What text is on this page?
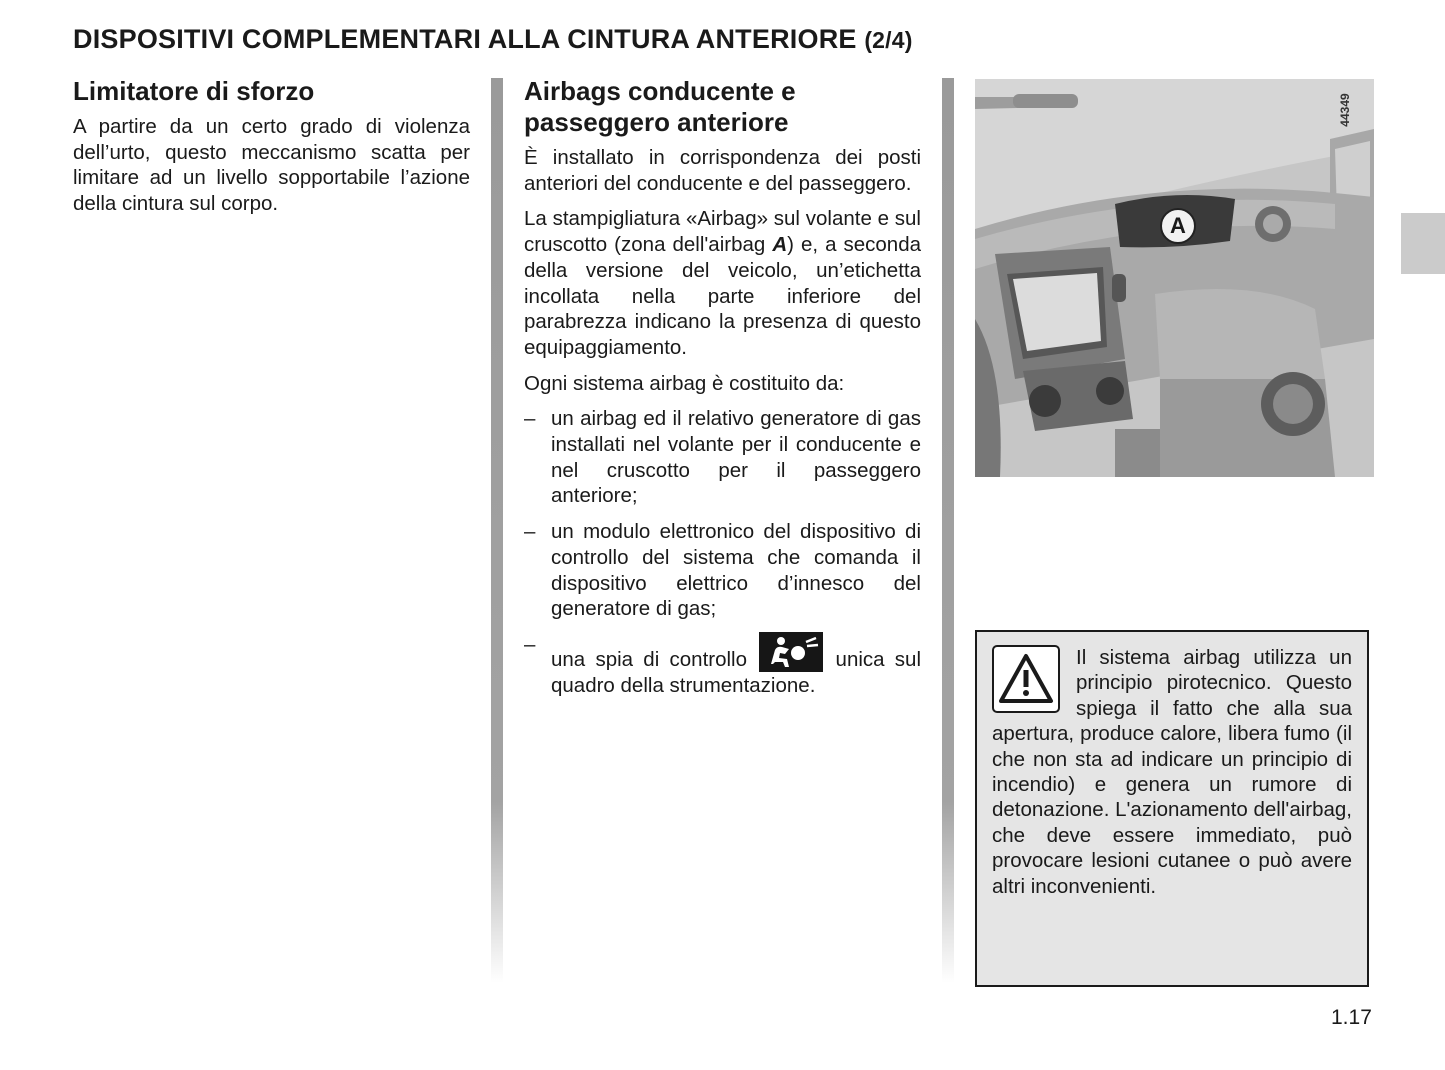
DISPOSITIVI COMPLEMENTARI ALLA CINTURA ANTERIORE (2/4)
Limitatore di sforzo

A partire da un certo grado di violenza dell’urto, questo meccanismo scatta per limitare ad un livello sopportabile l’azione della cintura sul corpo.

Airbags conducente e passeggero anteriore

È installato in corrispondenza dei posti anteriori del conducente e del passeggero.

La stampigliatura «Airbag» sul volante e sul cruscotto (zona dell'airbag A) e, a seconda della versione del veicolo, un’etichetta incollata nella parte inferiore del parabrezza indicano la presenza di questo equipaggiamento.

Ogni sistema airbag è costituito da:

– un airbag ed il relativo generatore di gas installati nel volante per il conducente e nel cruscotto per il passeggero anteriore;
– un modulo elettronico del dispositivo di controllo del sistema che comanda il dispositivo elettrico d’innesco del generatore di gas;
– una spia di controllo	unica sul quadro della strumentazione.
44349
A
Il sistema airbag utilizza un principio pirotecnico. Questo spiega il fatto che alla sua apertura, produce calore, libera fumo (il che non sta ad indicare un principio di incendio) e genera un rumore di detonazione. L'azionamento dell'airbag, che deve essere immediato, può provocare lesioni cutanee o può avere altri inconvenienti.
1.17
